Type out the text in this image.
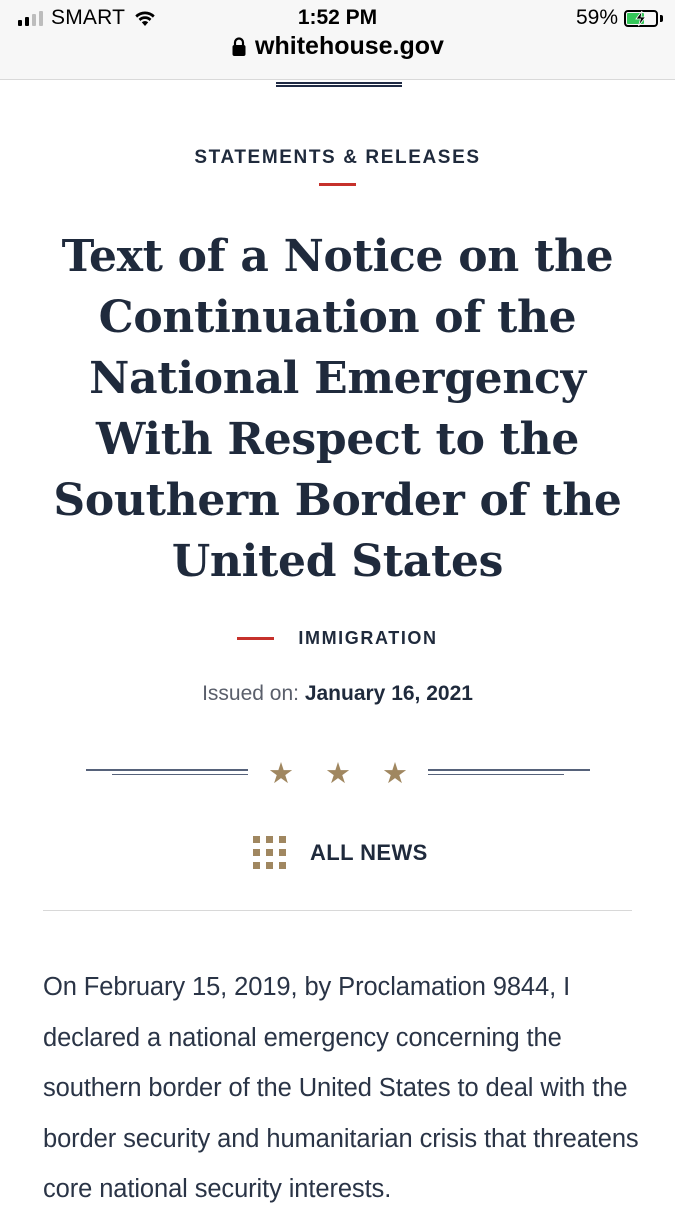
SMART	1:52 PM	59%
whitehouse.gov
STATEMENTS & RELEASES
Text of a Notice on the Continuation of the National Emergency With Respect to the Southern Border of the United States
IMMIGRATION
Issued on: January 16, 2021
★ ★ ★
ALL NEWS

On February 15, 2019, by Proclamation 9844, I declared a national emergency concerning the southern border of the United States to deal with the border security and humanitarian crisis that threatens core national security interests.
